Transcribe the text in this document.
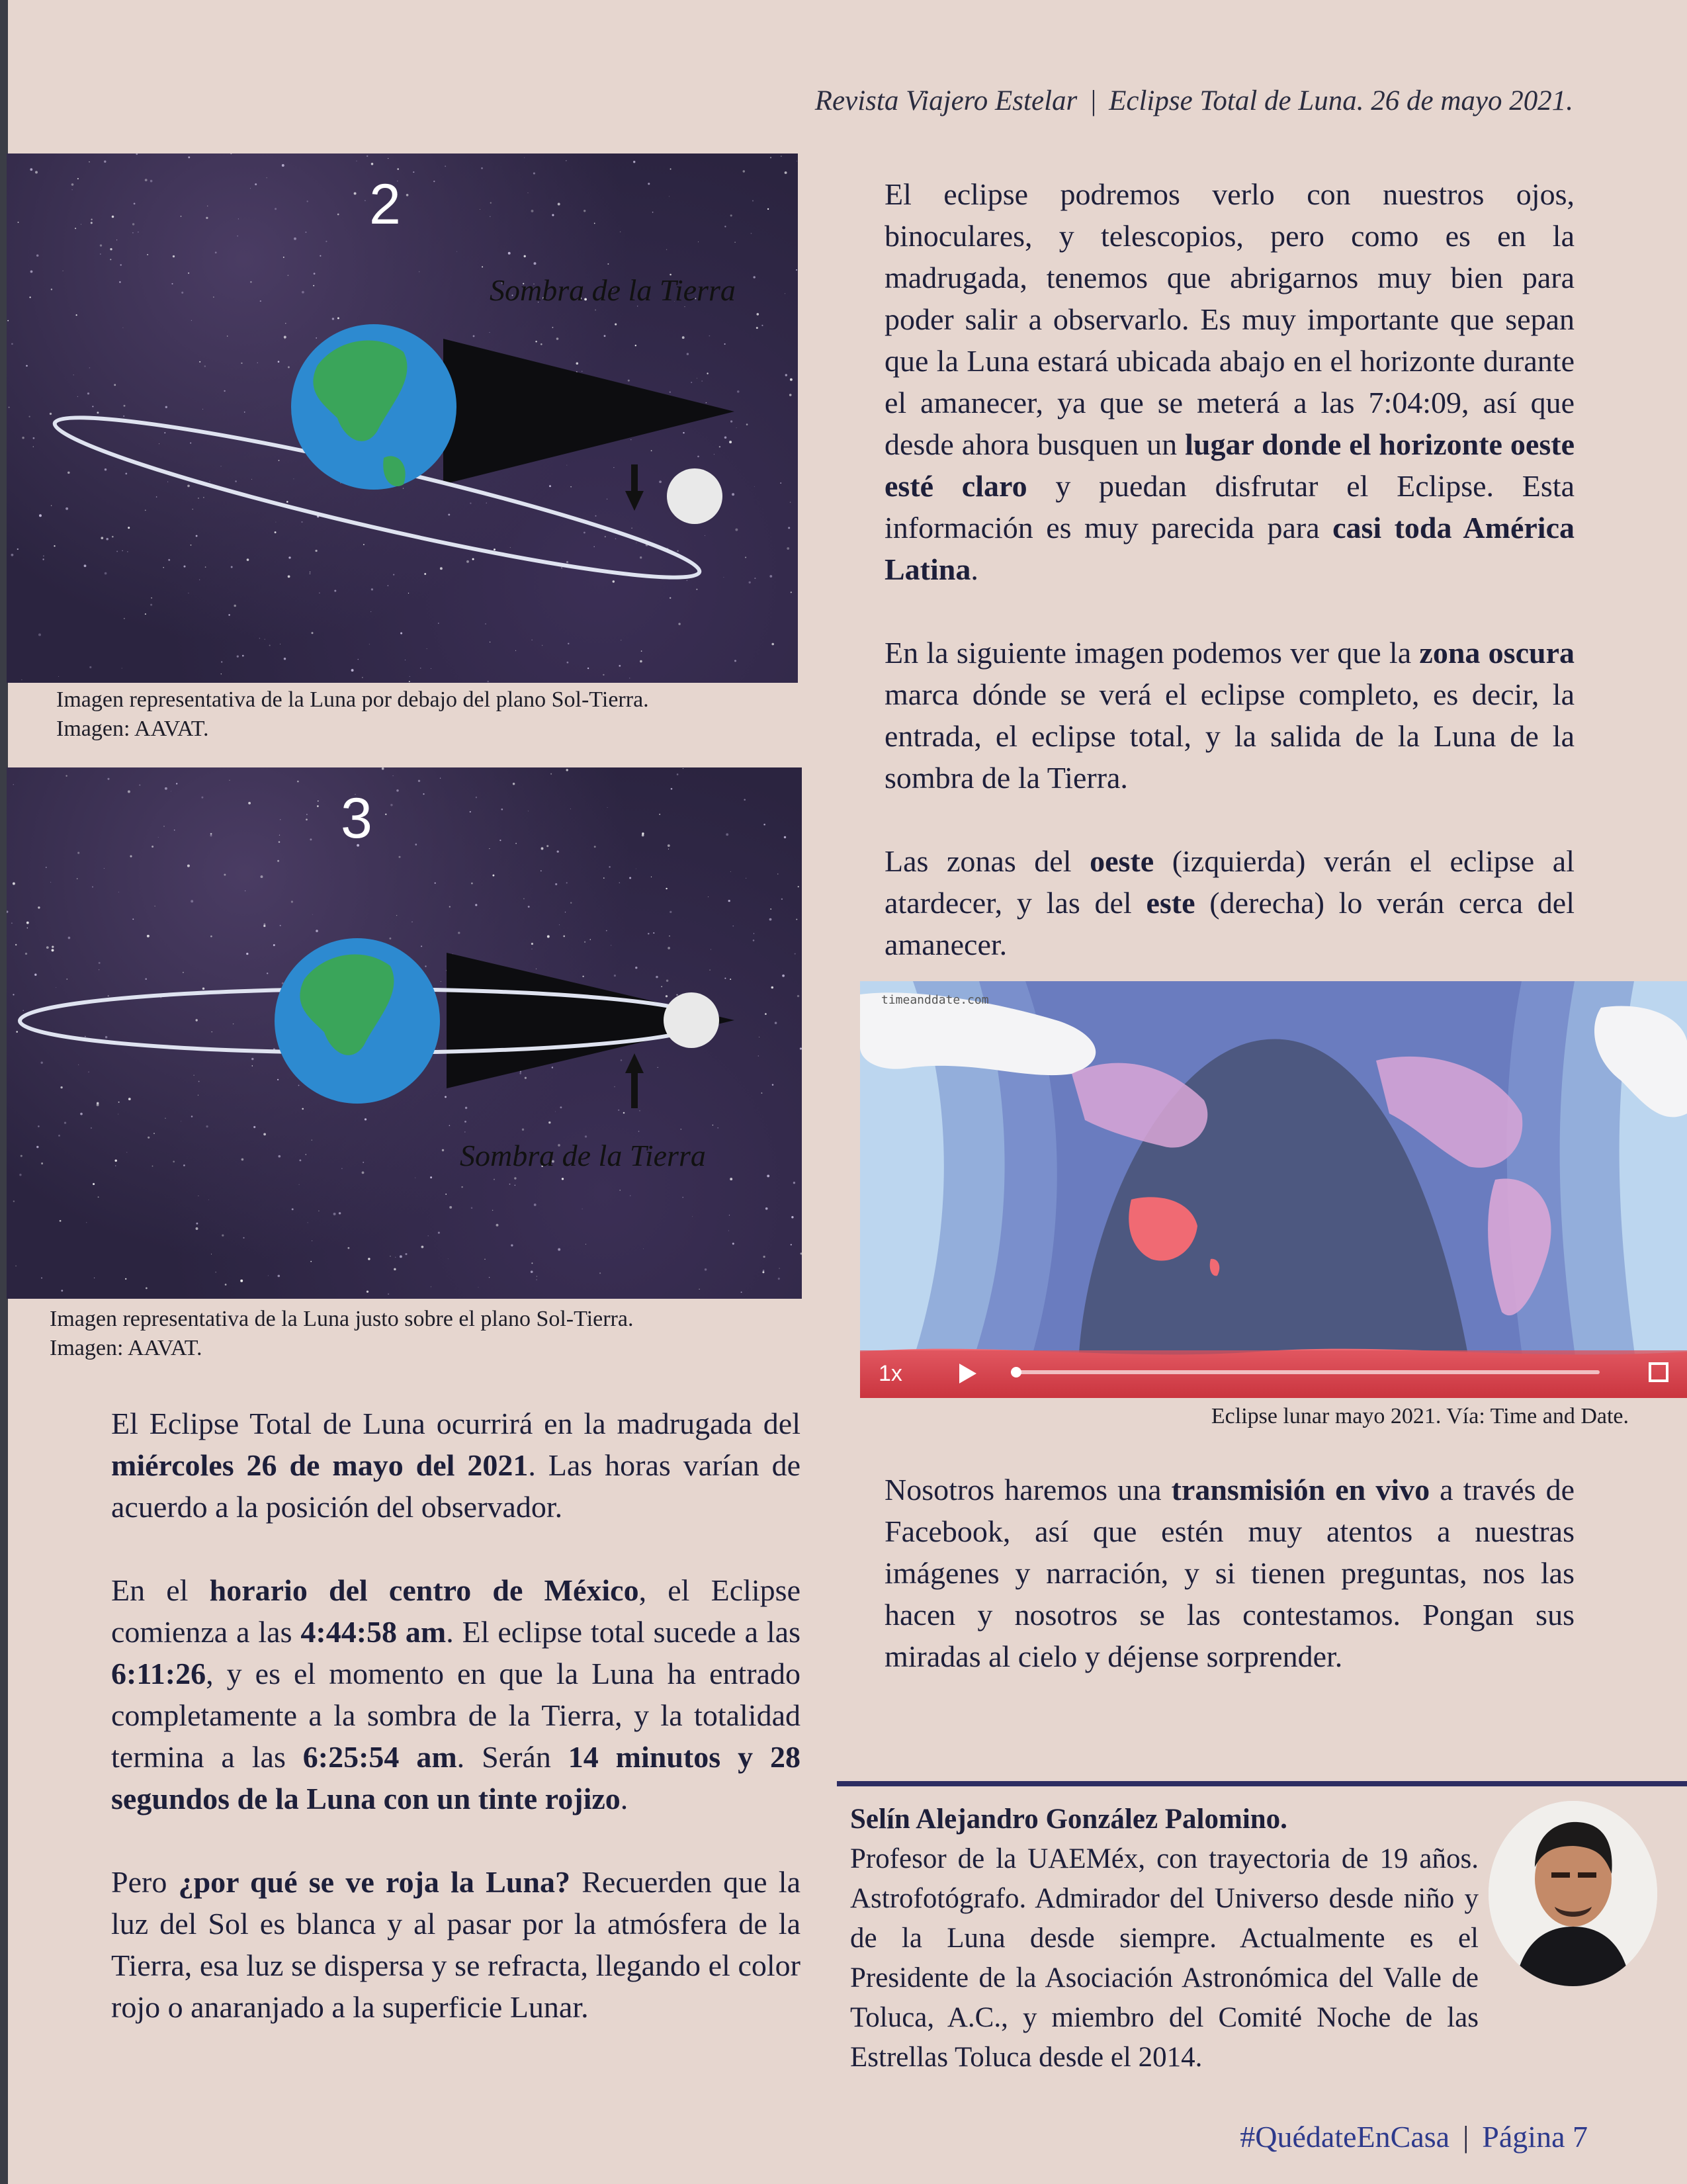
Revista Viajero Estelar | Eclipse Total de Luna. 26 de mayo 2021.
2
Sombra de la Tierra
Imagen representativa de la Luna por debajo del plano Sol-Tierra.
Imagen: AAVAT.
3
Sombra de la Tierra
Imagen representativa de la Luna justo sobre el plano Sol-Tierra.
Imagen: AAVAT.

El Eclipse Total de Luna ocurrirá en la madrugada del miércoles 26 de mayo del 2021. Las horas varían de acuerdo a la posición del observador.

En el horario del centro de México, el Eclipse comienza a las 4:44:58 am. El eclipse total sucede a las 6:11:26, y es el momento en que la Luna ha entrado completamente a la sombra de la Tierra, y la totalidad termina a las 6:25:54 am. Serán 14 minutos y 28 segundos de la Luna con un tinte rojizo.

Pero ¿por qué se ve roja la Luna? Recuerden que la luz del Sol es blanca y al pasar por la atmósfera de la Tierra, esa luz se dispersa y se refracta, llegando el color rojo o anaranjado a la superficie Lunar.

El eclipse podremos verlo con nuestros ojos, binoculares, y telescopios, pero como es en la madrugada, tenemos que abrigarnos muy bien para poder salir a observarlo. Es muy importante que sepan que la Luna estará ubicada abajo en el horizonte durante el amanecer, ya que se meterá a las 7:04:09, así que desde ahora busquen un lugar donde el horizonte oeste esté claro y puedan disfrutar el Eclipse. Esta información es muy parecida para casi toda América Latina.

En la siguiente imagen podemos ver que la zona oscura marca dónde se verá el eclipse completo, es decir, la entrada, el eclipse total, y la salida de la Luna de la sombra de la Tierra.

Las zonas del oeste (izquierda) verán el eclipse al atardecer, y las del este (derecha) lo verán cerca del amanecer.

timeanddate.com
1x
Eclipse lunar mayo 2021. Vía: Time and Date.

Nosotros haremos una transmisión en vivo a través de Facebook, así que estén muy atentos a nuestras imágenes y narración, y si tienen preguntas, nos las hacen y nosotros se las contestamos. Pongan sus miradas al cielo y déjense sorprender.

Selín Alejandro González Palomino.
Profesor de la UAEMéx, con trayectoria de 19 años. Astrofotógrafo. Admirador del Universo desde niño y de la Luna desde siempre. Actualmente es el Presidente de la Asociación Astronómica del Valle de Toluca, A.C., y miembro del Comité Noche de las Estrellas Toluca desde el 2014.
#QuédateEnCasa | Página 7
